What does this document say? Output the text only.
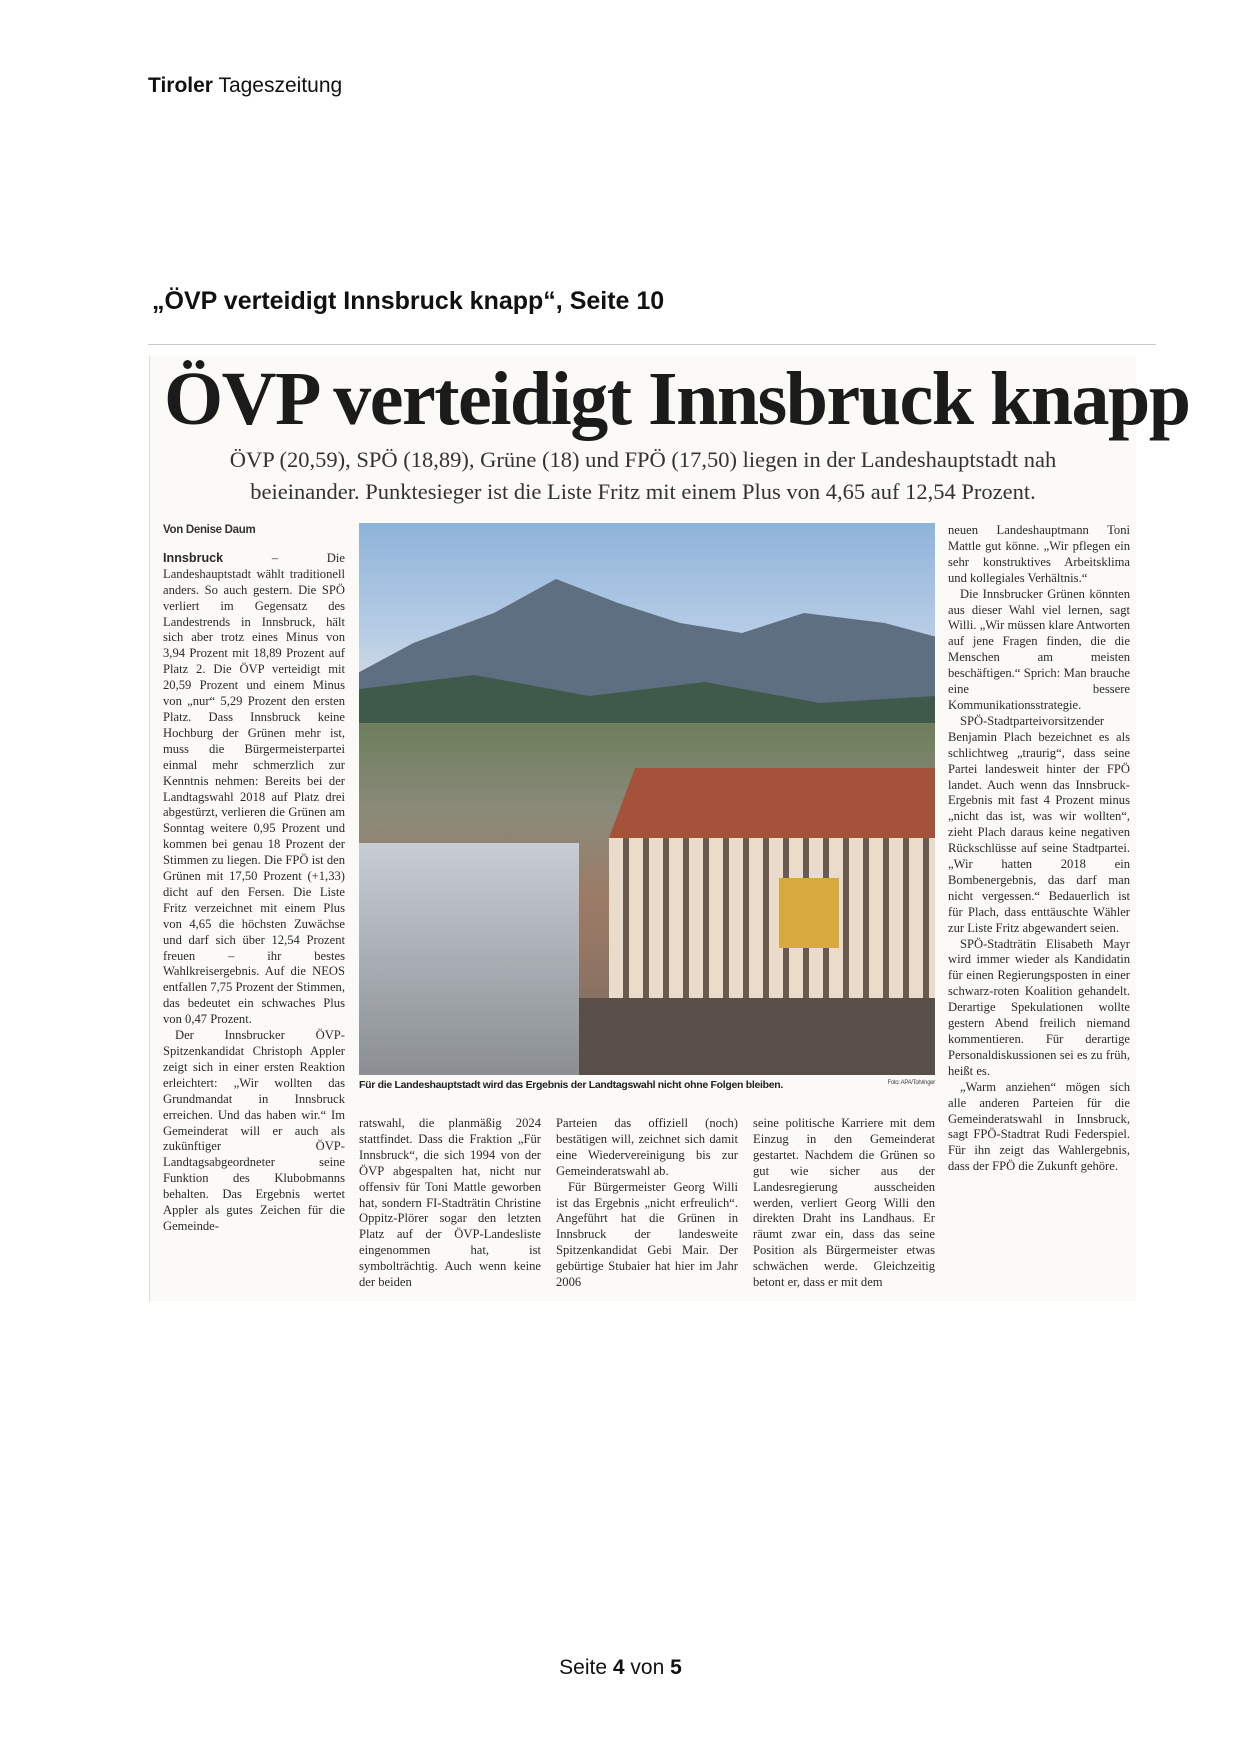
Tiroler Tageszeitung
„ÖVP verteidigt Innsbruck knapp“, Seite 10
ÖVP verteidigt Innsbruck knapp
ÖVP (20,59), SPÖ (18,89), Grüne (18) und FPÖ (17,50) liegen in der Landeshauptstadt nah
beieinander. Punktesieger ist die Liste Fritz mit einem Plus von 4,65 auf 12,54 Prozent.
Von Denise Daum

Innsbruck	– Die Landeshauptstadt wählt traditionell anders. So auch gestern. Die SPÖ verliert im Gegensatz des Landestrends in Innsbruck, hält sich aber trotz eines Minus von 3,94 Prozent mit 18,89 Prozent auf Platz 2. Die ÖVP verteidigt mit 20,59 Prozent und einem Minus von „nur“ 5,29 Prozent den ersten Platz. Dass Innsbruck keine Hochburg der Grünen mehr ist, muss die Bürgermeisterpartei einmal mehr schmerzlich zur Kenntnis nehmen: Bereits bei der Landtagswahl 2018 auf Platz drei abgestürzt, verlieren die Grünen am Sonntag weitere 0,95 Prozent und kommen bei genau 18 Prozent der Stimmen zu liegen. Die FPÖ ist den Grünen mit 17,50 Prozent (+1,33) dicht auf den Fersen. Die Liste Fritz verzeichnet mit einem Plus von 4,65 die höchsten Zuwächse und darf sich über 12,54 Prozent freuen – ihr bestes Wahlkreisergebnis. Auf die NEOS entfallen 7,75 Prozent der Stimmen, das bedeutet ein schwaches Plus von 0,47 Prozent.

Der Innsbrucker ÖVP-Spitzenkandidat Christoph Appler zeigt sich in einer ersten Reaktion erleichtert: „Wir wollten das Grundmandat in Innsbruck erreichen. Und das haben wir.“ Im Gemeinderat will er auch als zukünftiger ÖVP-Landtagsabgeordneter seine Funktion des Klubobmanns behalten. Das Ergebnis wertet Appler als gutes Zeichen für die Gemeinde-

Für die Landeshauptstadt wird das Ergebnis der Landtagswahl nicht ohne Folgen bleiben.	Foto: APA/Tohringer

ratswahl, die planmäßig 2024 stattfindet. Dass die Fraktion „Für Innsbruck“, die sich 1994 von der ÖVP abgespalten hat, nicht nur offensiv für Toni Mattle geworben hat, sondern FI-Stadträtin Christine Oppitz-Plörer sogar den letzten Platz auf der ÖVP-Landesliste eingenommen hat, ist symbolträchtig. Auch wenn keine der beiden

Parteien das offiziell (noch) bestätigen will, zeichnet sich damit eine Wiedervereinigung bis zur Gemeinderatswahl ab.

Für Bürgermeister Georg Willi ist das Ergebnis „nicht erfreulich“. Angeführt hat die Grünen in Innsbruck der landesweite Spitzenkandidat Gebi Mair. Der gebürtige Stubaier hat hier im Jahr 2006

seine politische Karriere mit dem Einzug in den Gemeinderat gestartet. Nachdem die Grünen so gut wie sicher aus der Landesregierung ausscheiden werden, verliert Georg Willi den direkten Draht ins Landhaus. Er räumt zwar ein, dass das seine Position als Bürgermeister etwas schwächen werde. Gleichzeitig betont er, dass er mit dem

neuen Landeshauptmann Toni Mattle gut könne. „Wir pflegen ein sehr konstruktives Arbeitsklima und kollegiales Verhältnis.“

Die Innsbrucker Grünen könnten aus dieser Wahl viel lernen, sagt Willi. „Wir müssen klare Antworten auf jene Fragen finden, die die Menschen am meisten beschäftigen.“ Sprich: Man brauche eine bessere Kommunikationsstrategie.

SPÖ-Stadtparteivorsitzender Benjamin Plach bezeichnet es als schlichtweg „traurig“, dass seine Partei landesweit hinter der FPÖ landet. Auch wenn das Innsbruck-Ergebnis mit fast 4 Prozent minus „nicht das ist, was wir wollten“, zieht Plach daraus keine negativen Rückschlüsse auf seine Stadtpartei. „Wir hatten 2018 ein Bombenergebnis, das darf man nicht vergessen.“ Bedauerlich ist für Plach, dass enttäuschte Wähler zur Liste Fritz abgewandert seien.

SPÖ-Stadträtin Elisabeth Mayr wird immer wieder als Kandidatin für einen Regierungsposten in einer schwarz-roten Koalition gehandelt. Derartige Spekulationen wollte gestern Abend freilich niemand kommentieren. Für derartige Personaldiskussionen sei es zu früh, heißt es.

„Warm anziehen“ mögen sich alle anderen Parteien für die Gemeinderatswahl in Innsbruck, sagt FPÖ-Stadtrat Rudi Federspiel. Für ihn zeigt das Wahlergebnis, dass der FPÖ die Zukunft gehöre.

Seite 4 von 5
